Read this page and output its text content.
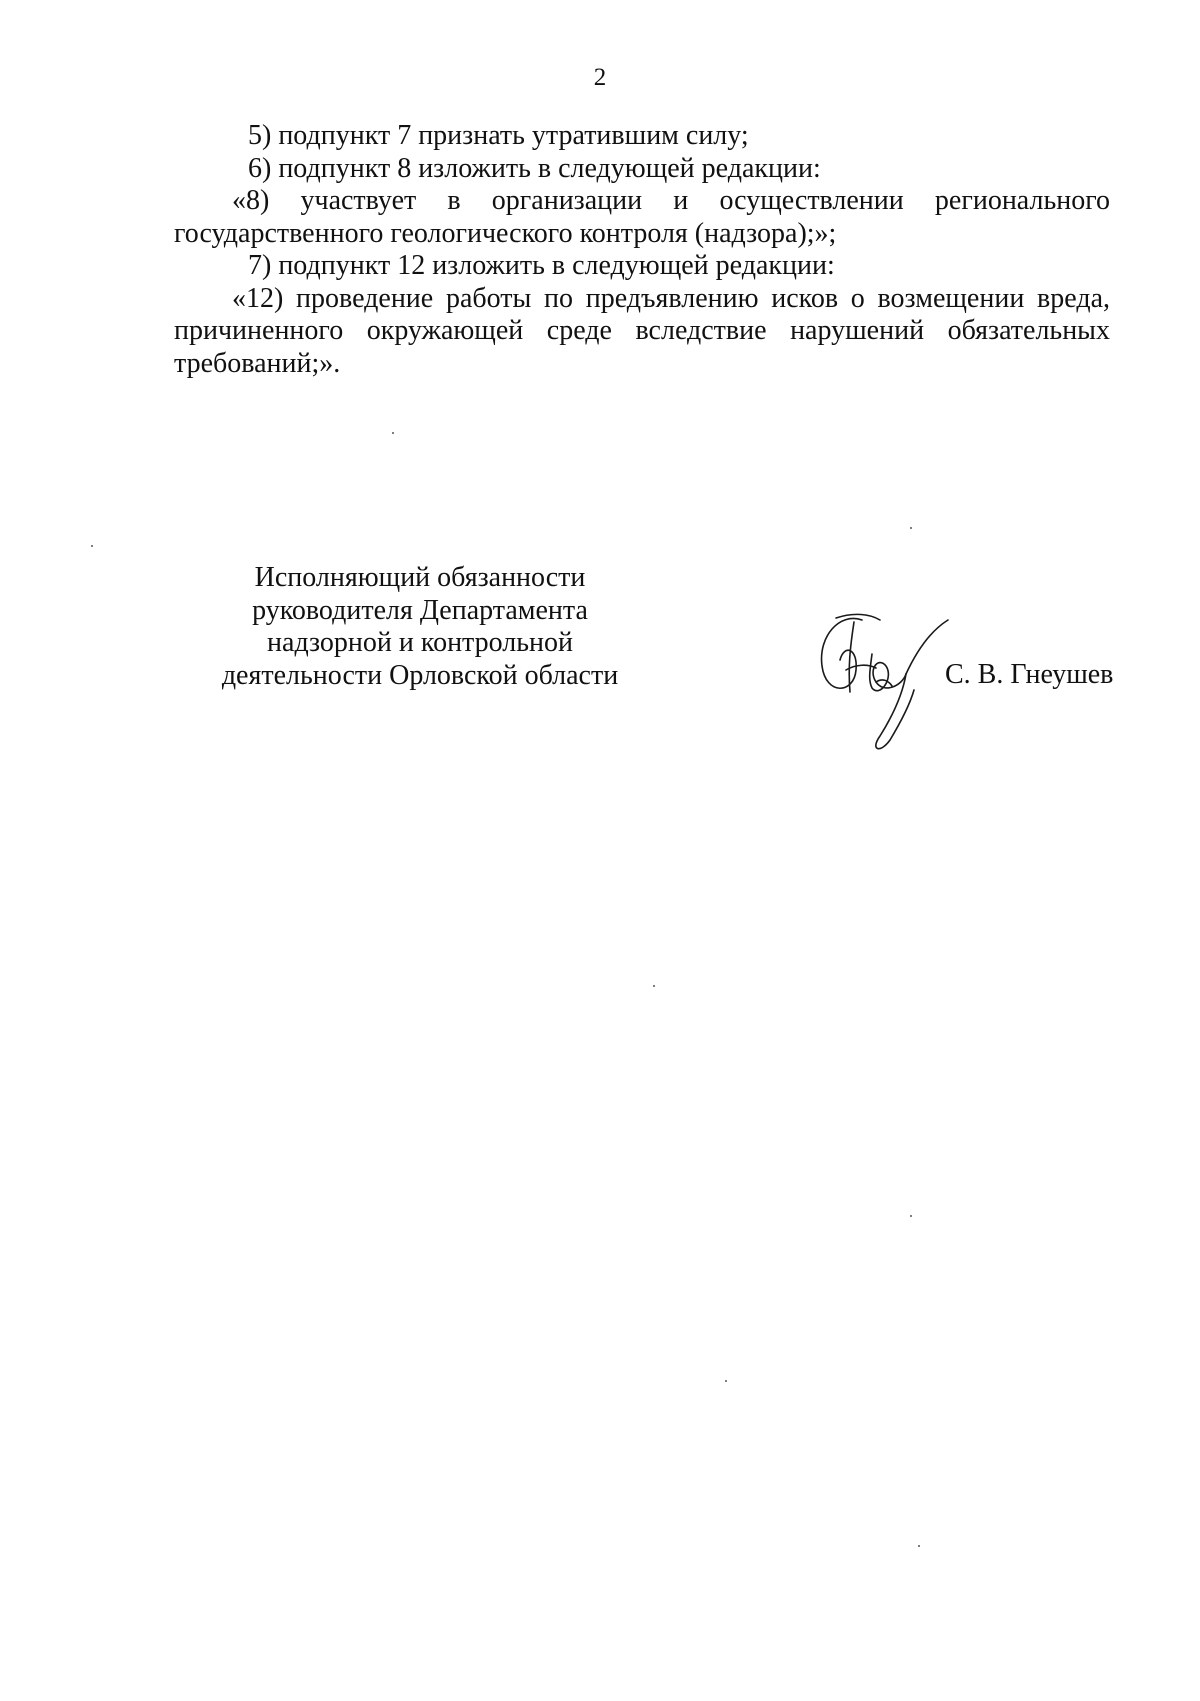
2
5) подпункт 7 признать утратившим силу;
6) подпункт 8 изложить в следующей редакции:
«8) участвует в организации и осуществлении регионального
государственного геологического контроля (надзора);»;
7) подпункт 12 изложить в следующей редакции:
«12) проведение работы по предъявлению исков о возмещении вреда,
причиненного окружающей среде вследствие нарушений обязательных
требований;».
Исполняющий обязанности
руководителя Департамента
надзорной и контрольной
деятельности Орловской области	С. В. Гнеушев
